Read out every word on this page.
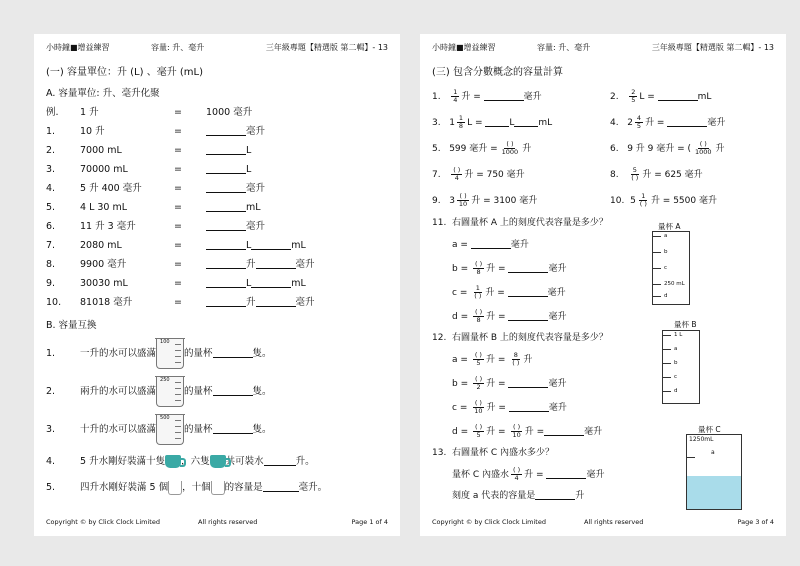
小時鐘■增益練習	容量: 升、毫升	三年級專題【精選版 第二輯】- 13
(一) 容量單位：升 (L) 、毫升 (mL)
A. 容量單位: 升、毫升化聚
例. 1 升	=	1000 毫升
1.	10 升	=	毫升
2.	7000 mL	=	L
3.	70000 mL	=	L
4.	5 升 400 毫升	=	毫升
5.	4 L 30 mL	=	mL
6.	11 升 3 毫升	=	毫升
7.	2080 mL	=	L	mL
8.	9900 毫升	=	升	毫升
9.	30030 mL	=	L	mL
10. 81018 毫升	=	升	毫升
B. 容量互換
1.	一升的水可以盛滿
100
的量杯	隻。
2.	兩升的水可以盛滿
250
的量杯	隻。
3.	十升的水可以盛滿
500
的量杯	隻。
4.	5 升水剛好裝滿十隻 ，六隻 共可裝水	升。
5.	四升水剛好裝滿 5 個 ，十個 的容量是	毫升。
Copyright © by Click Clock Limited	All rights reserved	Page 1 of 4
小時鐘■增益練習	容量: 升、毫升	三年級專題【精選版 第二輯】- 13
(三) 包含分數概念的容量計算
1. $\frac{1}{4}$ 升 =	毫升	2. $\frac{2}{5}$ L =	mL
3. $1 \frac{1}{8}$ L =	L	mL	4. $2 \frac{4}{5}$ 升 =	毫升
5. 599 毫升 = $\frac{( )}{1000}$ 升	6. 9 升 9 毫升 = ( $\frac{( )}{1000}$ 升
7. $\frac{( )}{4}$ 升 = 750 毫升	8. $\frac{5}{( )}$ 升 = 625 毫升
9. $3 \frac{( )}{10}$ 升 = 3100 毫升	10. $5 \frac{1}{( )}$ 升 = 5500 毫升
11. 右圖量杯 A 上的刻度代表容量是多少？
a =	毫升
$b = \frac{( )}{8}$ 升 =	毫升
$c = \frac{1}{( )}$ 升 =	毫升
$d = \frac{( )}{8}$ 升 =	毫升
12. 右圖量杯 B 上的刻度代表容量是多少？
$a = \frac{( )}{5}$ 升 = $\frac{8}{( )}$ 升
$b = \frac{( )}{2}$ 升 =	毫升
$c = \frac{( )}{10}$ 升 =	毫升
$d = \frac{( )}{5}$ 升 = $\frac{( )}{10}$ 升 =	毫升
13. 右圖量杯 C 內盛水多少？
量杯 C 內盛水 $\frac{( )}{4}$ 升 =	毫升
刻度 a 代表的容量是	升
量杯 A
a
b
c
250 mL
d
量杯 B
1 L
a
b
c
d
量杯 C
1250mL
a
Copyright © by Click Clock Limited	All rights reserved	Page 3 of 4
